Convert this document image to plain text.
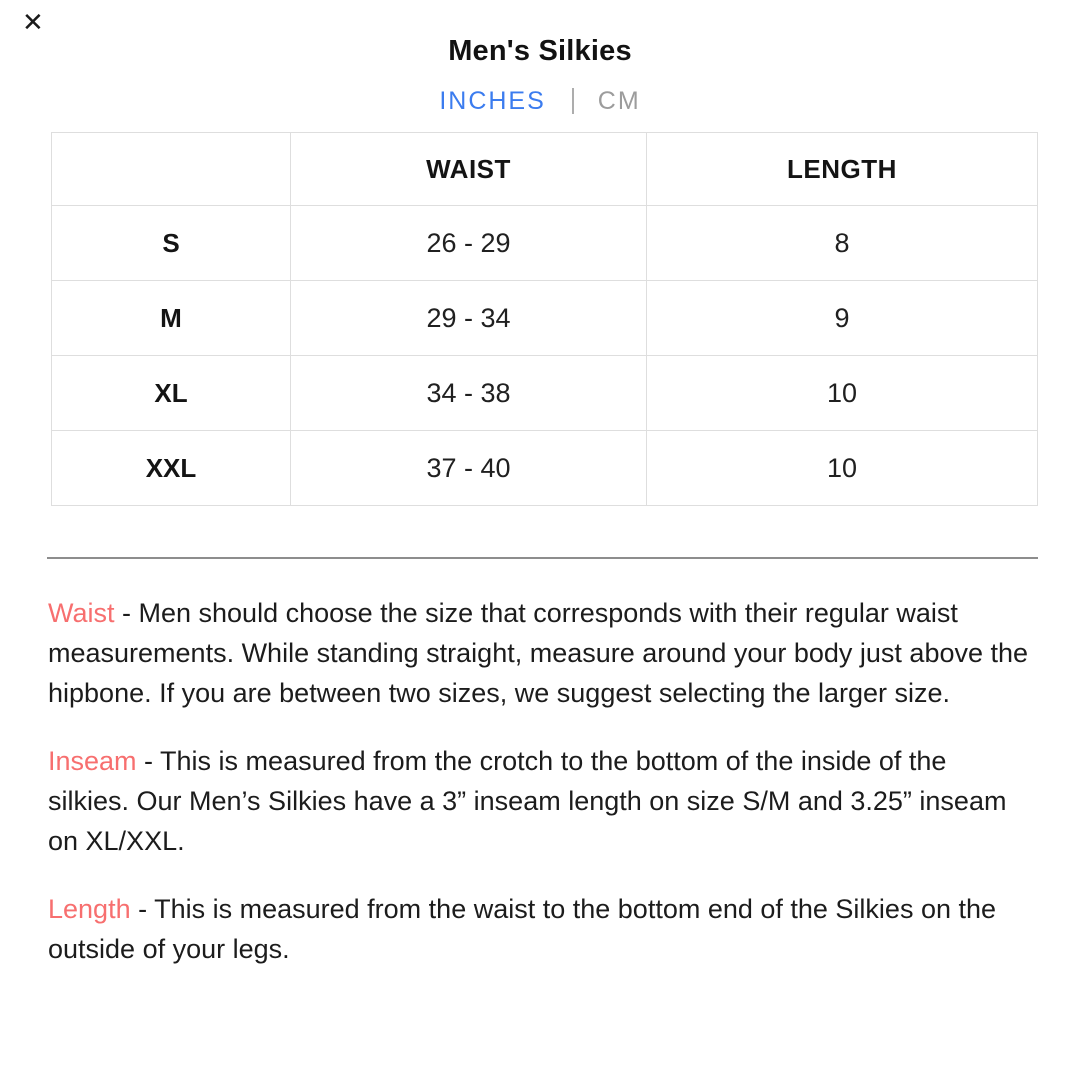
✕
Men's Silkies
INCHES CM
	WAIST	LENGTH
S	26 - 29	8
M	29 - 34	9
XL	34 - 38	10
XXL	37 - 40	10

Waist - Men should choose the size that corresponds with their regular waist measurements. While standing straight, measure around your body just above the hipbone. If you are between two sizes, we suggest selecting the larger size.

Inseam - This is measured from the crotch to the bottom of the inside of the silkies. Our Men’s Silkies have a 3” inseam length on size S/M and 3.25” inseam on XL/XXL.

Length - This is measured from the waist to the bottom end of the Silkies on the outside of your legs.
